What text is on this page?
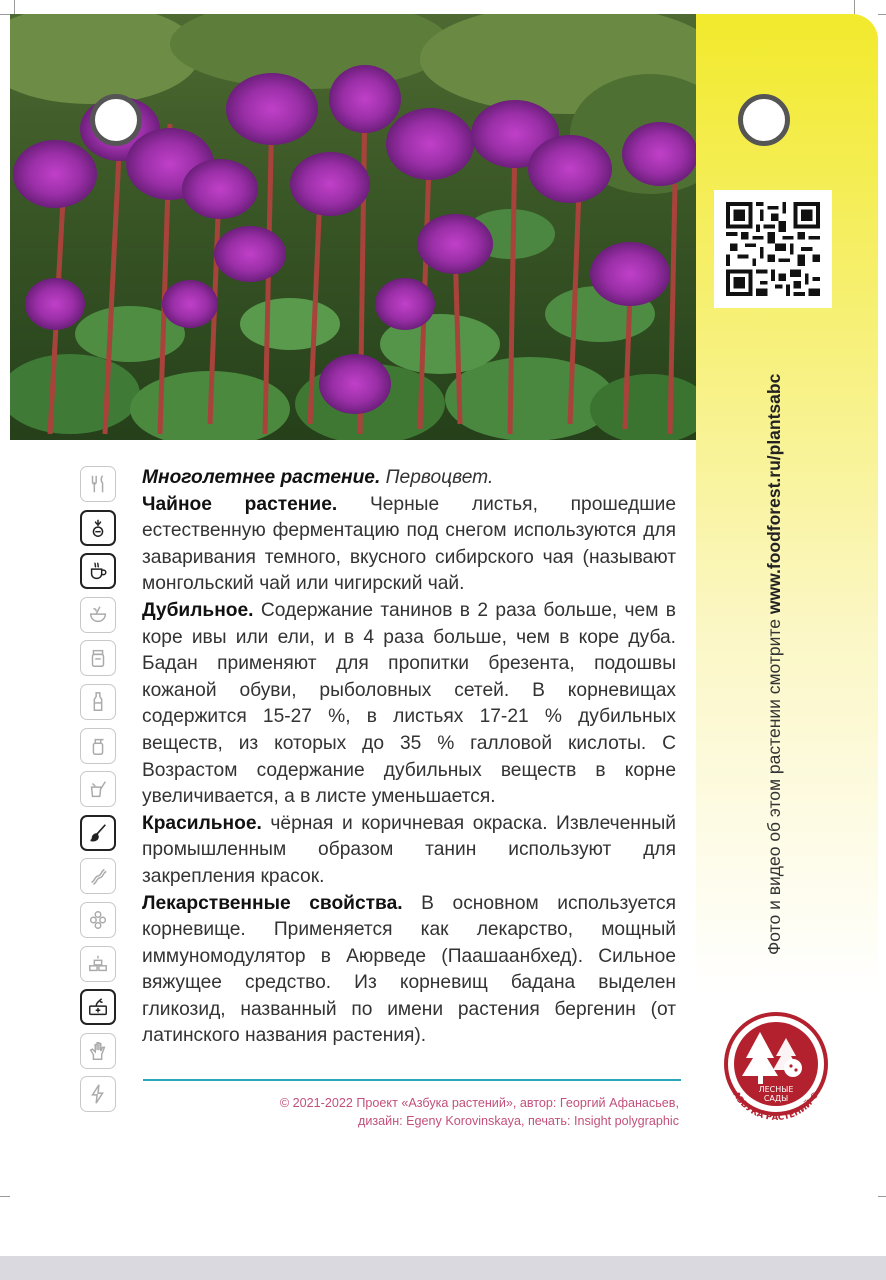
Фото и видео об этом растении смотрите www.foodforest.ru/plantsabc
ЛЕСНЫЕ
САДЫ
АЗБУКА РАСТЕНИЙ ®

Многолетнее растение. Первоцвет.

Чайное растение. Черные листья, прошедшие естественную ферментацию под снегом используются для заваривания темного, вкусного сибирского чая (называют монгольский чай или чигирский чай.

Дубильное. Содержание танинов в 2 раза больше, чем в коре ивы или ели, и в 4 раза больше, чем в коре дуба. Бадан применяют для пропитки брезента, подошвы кожаной обуви, рыболовных сетей. В корневищах содержится 15-27 %, в листьях 17-21 % дубильных веществ, из которых до 35 % галловой кислоты. С Возрастом содержание дубильных веществ в корне увеличивается, а в листе уменьшается.

Красильное. чёрная и коричневая окраска. Извлеченный промышленным образом танин используют для закрепления красок.

Лекарственные свойства. В основном используется корневище. Применяется как лекарство, мощный иммуномодулятор в Аюрведе (Паашаанбхед). Сильное вяжущее средство. Из корневищ бадана выделен гликозид, названный по имени растения бергенин (от латинского названия растения).

© 2021-2022 Проект «Азбука растений», автор: Георгий Афанасьев,
дизайн: Egeny Korovinskaya, печать: Insight polygraphic
